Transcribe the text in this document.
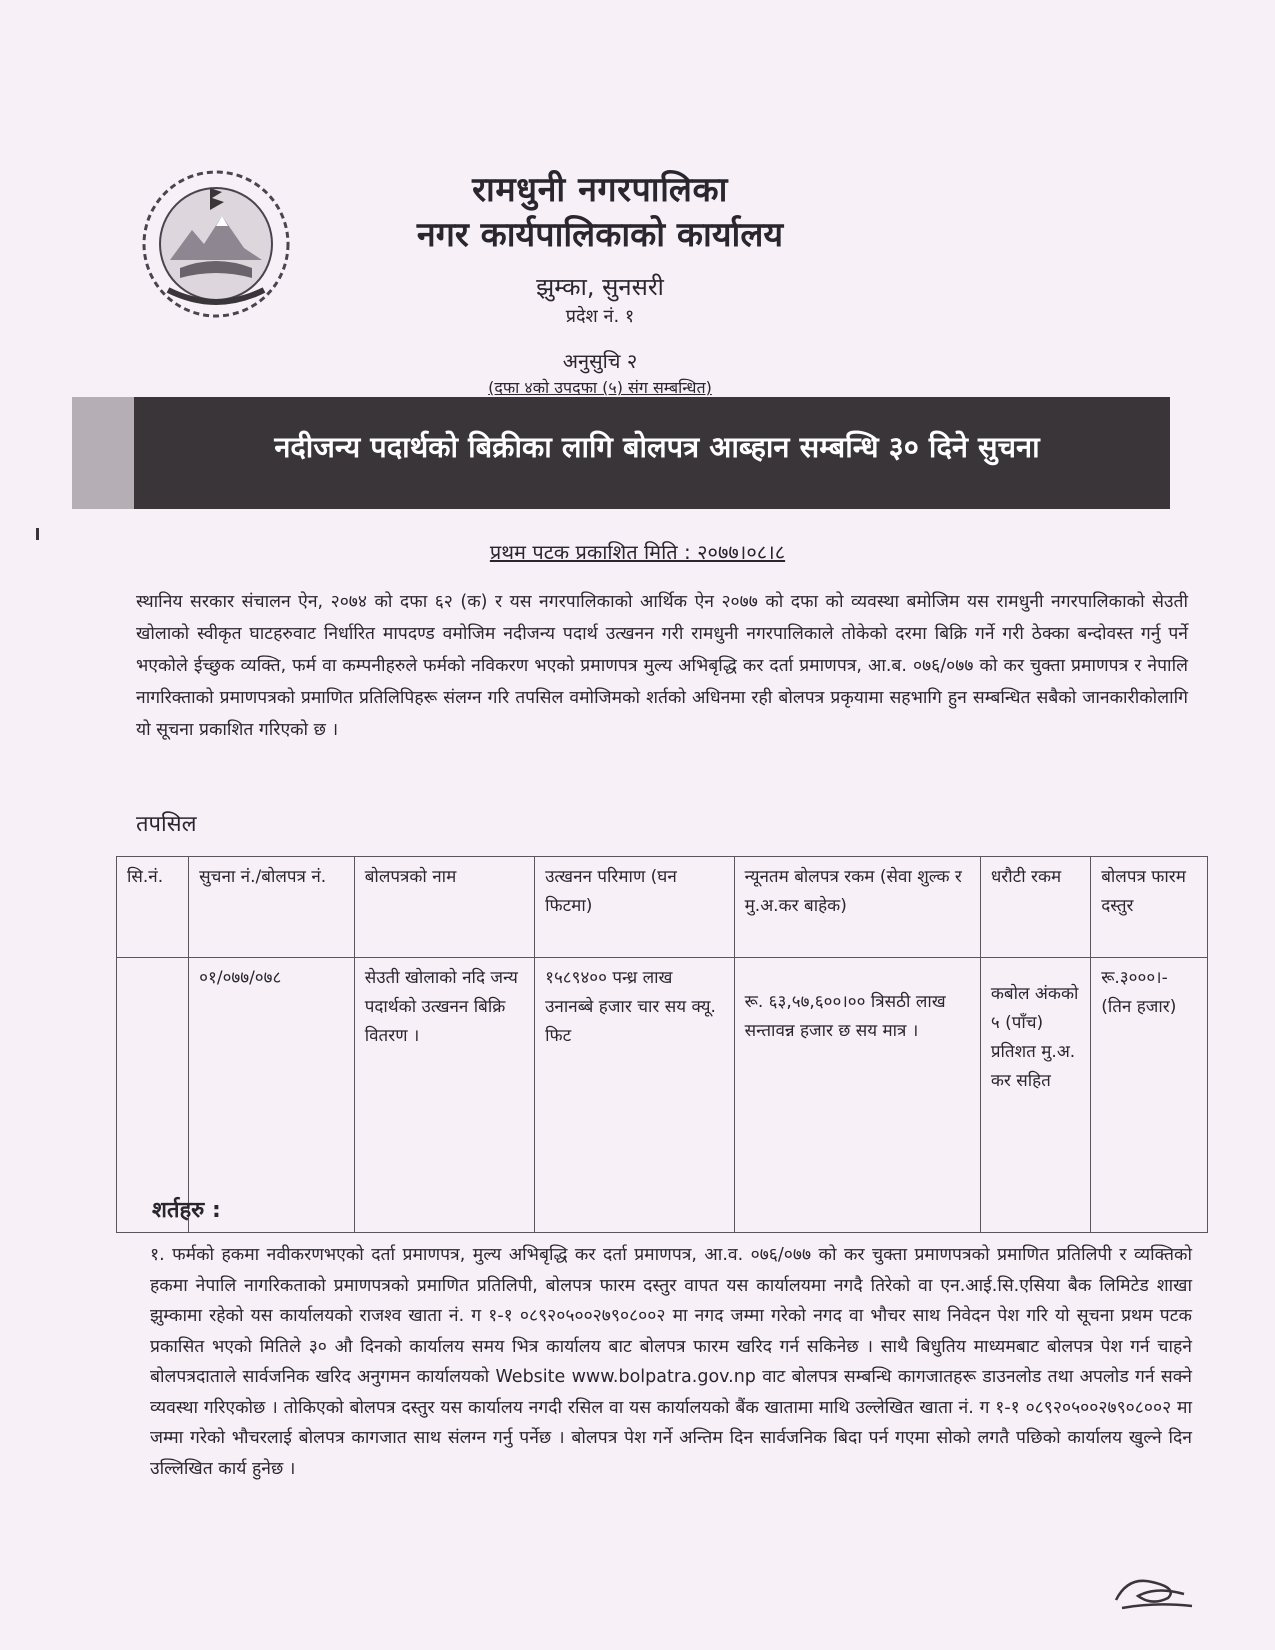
रामधुनी नगरपालिका
नगर कार्यपालिकाको कार्यालय
झुम्का, सुनसरी
प्रदेश नं. १
अनुसुचि २
(दफा ४को उपदफा (५) संग सम्बन्धित)
नदीजन्य पदार्थको बिक्रीका लागि बोलपत्र आब्हान सम्बन्धि ३० दिने सुचना
प्रथम पटक प्रकाशित मिति : २०७७।०८।८
स्थानिय सरकार संचालन ऐन, २०७४ को दफा ६२ (क) र यस नगरपालिकाको आर्थिक ऐन २०७७ को दफा को व्यवस्था बमोजिम यस रामधुनी नगरपालिकाको सेउती खोलाको स्वीकृत घाटहरुवाट निर्धारित मापदण्ड वमोजिम नदीजन्य पदार्थ उत्खनन गरी रामधुनी नगरपालिकाले तोकेको दरमा बिक्रि गर्ने गरी ठेक्का बन्दोवस्त गर्नु पर्ने भएकोले ईच्छुक व्यक्ति, फर्म वा कम्पनीहरुले फर्मको नविकरण भएको प्रमाणपत्र मुल्य अभिबृद्धि कर दर्ता प्रमाणपत्र, आ.ब. ०७६/०७७ को कर चुक्ता प्रमाणपत्र र नेपालि नागरिक्ताको प्रमाणपत्रको प्रमाणित प्रतिलिपिहरू संलग्न गरि तपसिल वमोजिमको शर्तको अधिनमा रही बोलपत्र प्रकृयामा सहभागि हुन सम्बन्धित सबैको जानकारीकोलागि यो सूचना प्रकाशित गरिएको छ ।
तपसिल
सि.नं.	सुचना नं./बोलपत्र नं.	बोलपत्रको नाम	उत्खनन परिमाण (घन फिटमा)	न्यूनतम बोलपत्र रकम (सेवा शुल्क र मु.अ.कर बाहेक)	धरौटी रकम	बोलपत्र फारम दस्तुर
	०१/०७७/०७८	सेउती खोलाको नदि जन्य पदार्थको उत्खनन बिक्रि वितरण ।	१५८९४०० पन्ध्र लाख उनानब्बे हजार चार सय क्यू. फिट	रू. ६३,५७,६००।०० त्रिसठी लाख सन्तावन्न हजार छ सय मात्र ।	कबोल अंकको ५ (पाँच) प्रतिशत मु.अ. कर सहित	रू.३०००।- (तिन हजार)
शर्तहरु :
१. फर्मको हकमा नवीकरणभएको दर्ता प्रमाणपत्र, मुल्य अभिबृद्धि कर दर्ता प्रमाणपत्र, आ.व. ०७६/०७७ को कर चुक्ता प्रमाणपत्रको प्रमाणित प्रतिलिपी र व्यक्तिको हकमा नेपालि नागरिकताको प्रमाणपत्रको प्रमाणित प्रतिलिपी, बोलपत्र फारम दस्तुर वापत यस कार्यालयमा नगदै तिरेको वा एन.आई.सि.एसिया बैक लिमिटेड शाखा झुम्कामा रहेको यस कार्यालयको राजश्व खाता नं. ग १-१ ०८९२०५००२७९०८००२ मा नगद जम्मा गरेको नगद वा भौचर साथ निवेदन पेश गरि यो सूचना प्रथम पटक प्रकासित भएको मितिले ३० औ दिनको कार्यालय समय भित्र कार्यालय बाट बोलपत्र फारम खरिद गर्न सकिनेछ । साथै बिधुतिय माध्यमबाट बोलपत्र पेश गर्न चाहने बोलपत्रदाताले सार्वजनिक खरिद अनुगमन कार्यालयको Website www.bolpatra.gov.np वाट बोलपत्र सम्बन्धि कागजातहरू डाउनलोड तथा अपलोड गर्न सक्ने व्यवस्था गरिएकोछ । तोकिएको बोलपत्र दस्तुर यस कार्यालय नगदी रसिल वा यस कार्यालयको बैंक खातामा माथि उल्लेखित खाता नं. ग १-१ ०८९२०५००२७९०८००२ मा जम्मा गरेको भौचरलाई बोलपत्र कागजात साथ संलग्न गर्नु पर्नेछ । बोलपत्र पेश गर्ने अन्तिम दिन सार्वजनिक बिदा पर्न गएमा सोको लगतै पछिको कार्यालय खुल्ने दिन उल्लिखित कार्य हुनेछ ।
